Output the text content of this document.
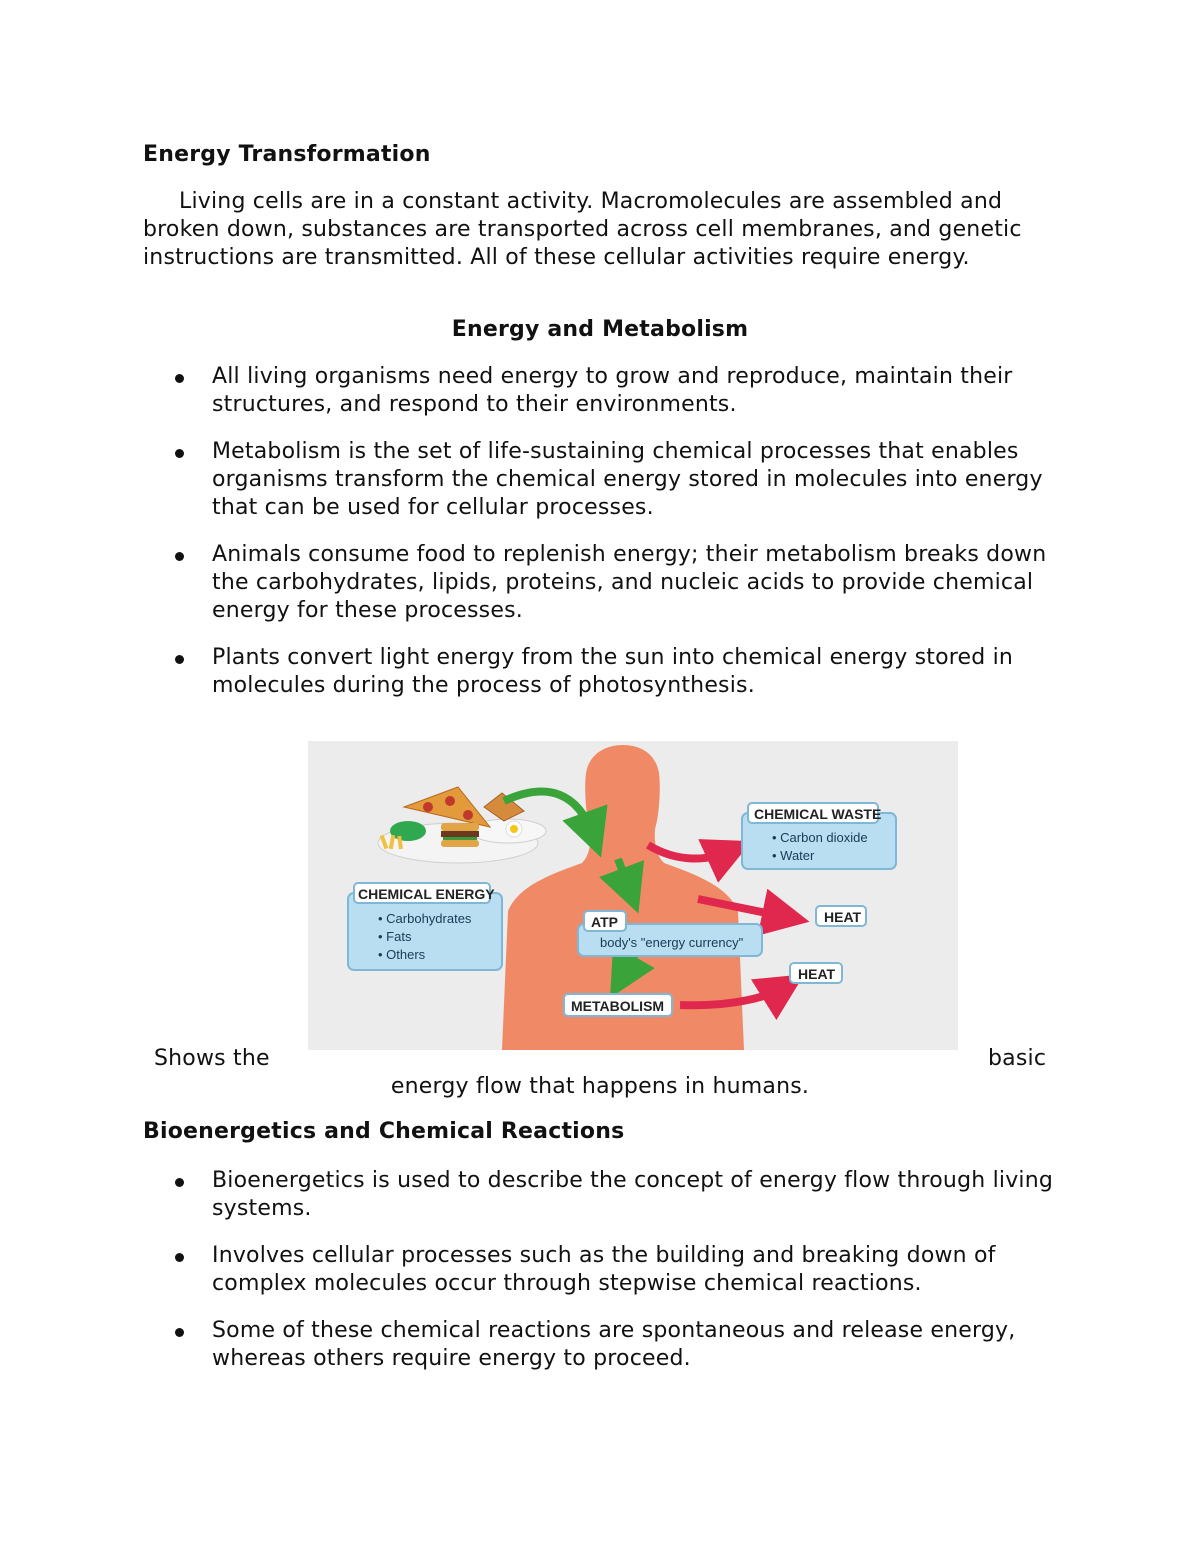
Energy Transformation

Living cells are in a constant activity. Macromolecules are assembled and broken down, substances are transported across cell membranes, and genetic instructions are transmitted. All of these cellular activities require energy.

Energy and Metabolism
All living organisms need energy to grow and reproduce, maintain their structures, and respond to their environments.
Metabolism is the set of life-sustaining chemical processes that enables organisms transform the chemical energy stored in molecules into energy that can be used for cellular processes.
Animals consume food to replenish energy; their metabolism breaks down the carbohydrates, lipids, proteins, and nucleic acids to provide chemical energy for these processes.
Plants convert light energy from the sun into chemical energy stored in molecules during the process of photosynthesis.
CHEMICAL WASTE
• Carbon dioxide
• Water
HEAT
HEAT
CHEMICAL ENERGY
• Carbohydrates
• Fats
• Others
ATP
body's "energy currency"
METABOLISM
Shows the	basic
energy flow that happens in humans.
Bioenergetics and Chemical Reactions
Bioenergetics is used to describe the concept of energy flow through living systems.
Involves cellular processes such as the building and breaking down of complex molecules occur through stepwise chemical reactions.
Some of these chemical reactions are spontaneous and release energy, whereas others require energy to proceed.
